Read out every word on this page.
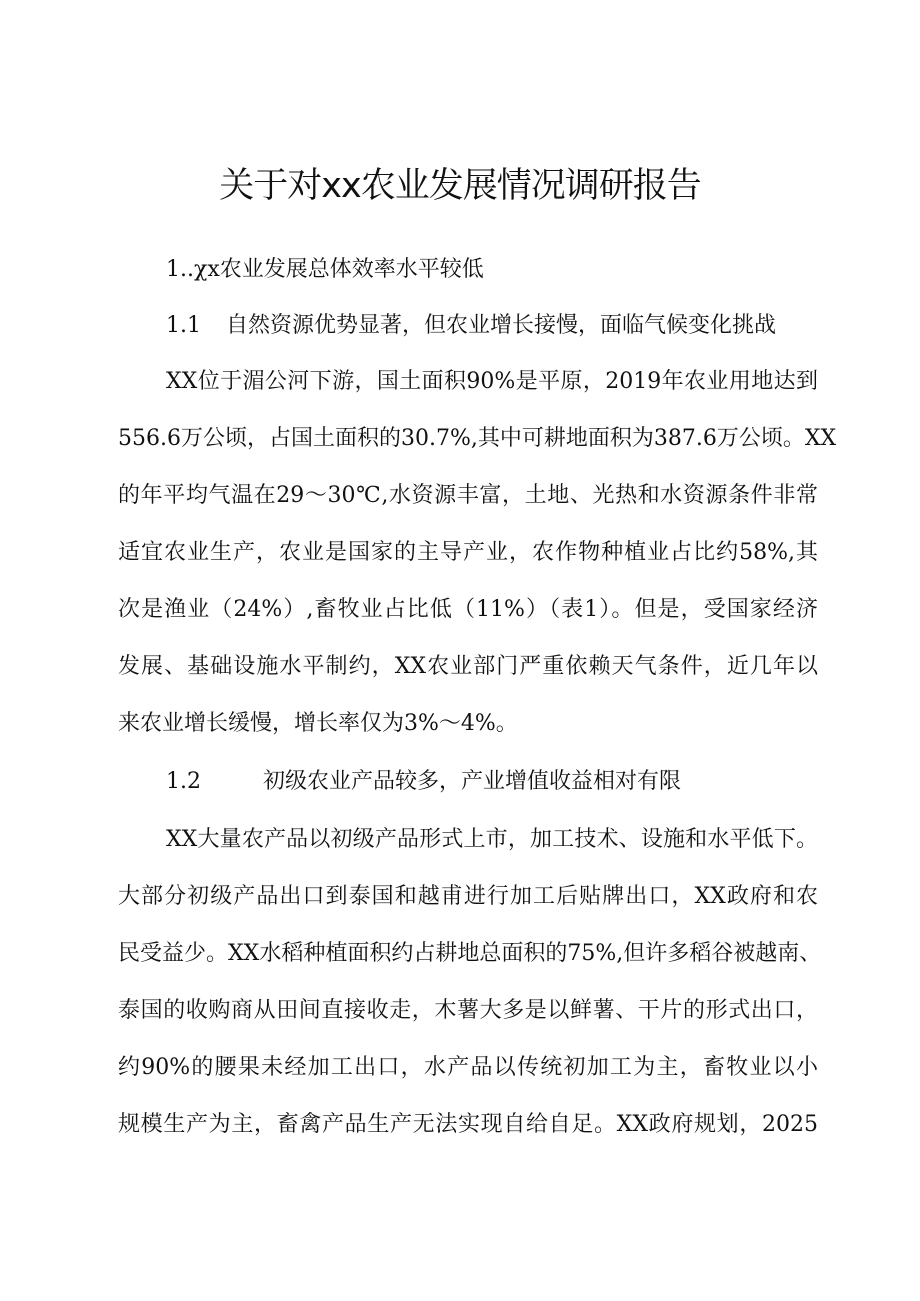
关于对xx农业发展情况调研报告
1..χx农业发展总体效率水平较低
1.1 自然资源优势显著，但农业增长接慢，面临气候变化挑战
XX位于湄公河下游，国土面积90%是平原，2019年农业用地达到
556.6万公顷，占国土面积的30.7%,其中可耕地面积为387.6万公顷。XX
的年平均气温在29〜30℃,水资源丰富，土地、光热和水资源条件非常
适宜农业生产，农业是国家的主导产业，农作物种植业占比约58%,其
次是渔业（24%）,畜牧业占比低（11%）（表1）。但是，受国家经济
发展、基础设施水平制约，XX农业部门严重依赖天气条件，近几年以
来农业增长缓慢，增长率仅为3%〜4%。
1.2	初级农业产品较多，产业增值收益相对有限
XX大量农产品以初级产品形式上市，加工技术、设施和水平低下。
大部分初级产品出口到泰国和越甫进行加工后贴牌出口，XX政府和农
民受益少。XX水稻种植面积约占耕地总面积的75%,但许多稻谷被越南、
泰国的收购商从田间直接收走，木薯大多是以鲜薯、干片的形式出口，
约90%的腰果未经加工出口，水产品以传统初加工为主，畜牧业以小
规模生产为主，畜禽产品生产无法实现自给自足。XX政府规划，2025
